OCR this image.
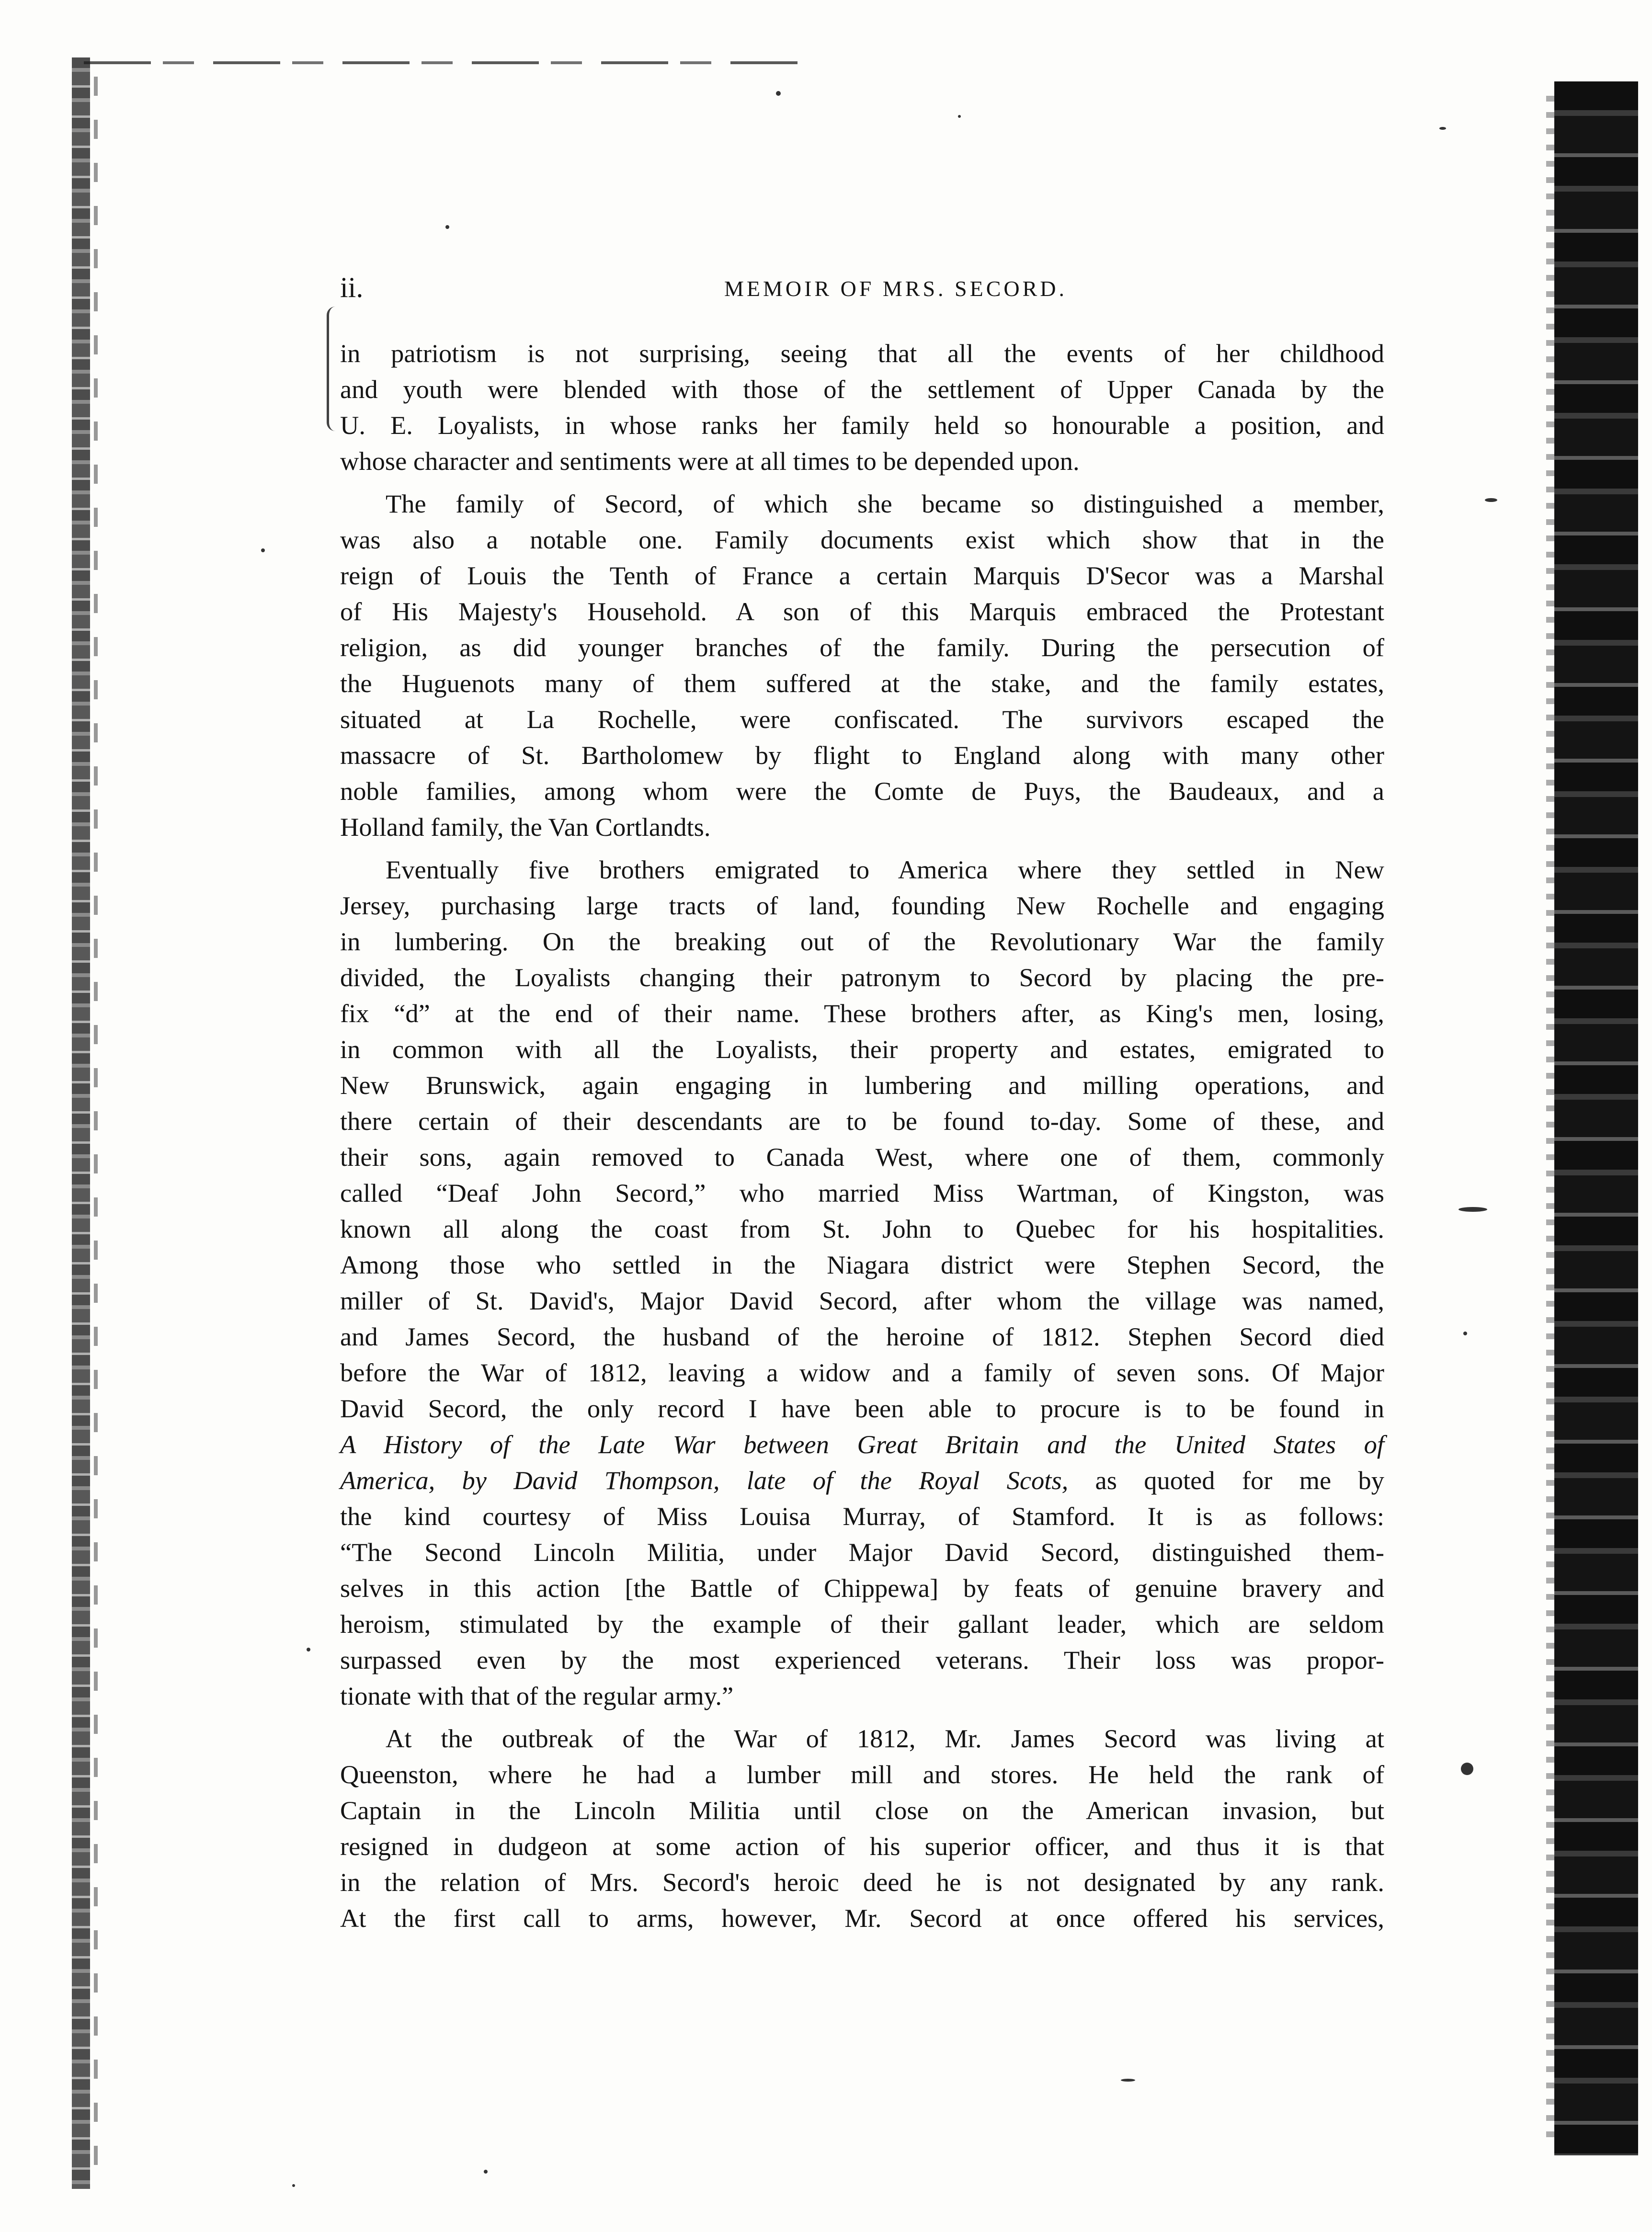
ii.	MEMOIR OF MRS. SECORD.

in patriotism is not surprising, seeing that all the events of her childhood
and youth were blended with those of the settlement of Upper Canada by the
U. E. Loyalists, in whose ranks her family held so honourable a position, and
whose character and sentiments were at all times to be depended upon.

The family of Secord, of which she became so distinguished a member,
was also a notable one. Family documents exist which show that in the
reign of Louis the Tenth of France a certain Marquis D'Secor was a Marshal
of His Majesty's Household. A son of this Marquis embraced the Protestant
religion, as did younger branches of the family. During the persecution of
the Huguenots many of them suffered at the stake, and the family estates,
situated at La Rochelle, were confiscated. The survivors escaped the
massacre of St. Bartholomew by flight to England along with many other
noble families, among whom were the Comte de Puys, the Baudeaux, and a
Holland family, the Van Cortlandts.

Eventually five brothers emigrated to America where they settled in New
Jersey, purchasing large tracts of land, founding New Rochelle and engaging
in lumbering. On the breaking out of the Revolutionary War the family
divided, the Loyalists changing their patronym to Secord by placing the pre-
fix “d” at the end of their name. These brothers after, as King's men, losing,
in common with all the Loyalists, their property and estates, emigrated to
New Brunswick, again engaging in lumbering and milling operations, and
there certain of their descendants are to be found to-day. Some of these, and
their sons, again removed to Canada West, where one of them, commonly
called “Deaf John Secord,” who married Miss Wartman, of Kingston, was
known all along the coast from St. John to Quebec for his hospitalities.
Among those who settled in the Niagara district were Stephen Secord, the
miller of St. David's, Major David Secord, after whom the village was named,
and James Secord, the husband of the heroine of 1812. Stephen Secord died
before the War of 1812, leaving a widow and a family of seven sons. Of Major
David Secord, the only record I have been able to procure is to be found in
A History of the Late War between Great Britain and the United States of
America, by David Thompson, late of the Royal Scots, as quoted for me by
the kind courtesy of Miss Louisa Murray, of Stamford. It is as follows:
“The Second Lincoln Militia, under Major David Secord, distinguished them-
selves in this action [the Battle of Chippewa] by feats of genuine bravery and
heroism, stimulated by the example of their gallant leader, which are seldom
surpassed even by the most experienced veterans. Their loss was propor-
tionate with that of the regular army.”

At the outbreak of the War of 1812, Mr. James Secord was living at
Queenston, where he had a lumber mill and stores. He held the rank of
Captain in the Lincoln Militia until close on the American invasion, but
resigned in dudgeon at some action of his superior officer, and thus it is that
in the relation of Mrs. Secord's heroic deed he is not designated by any rank.
At the first call to arms, however, Mr. Secord at once offered his services,
